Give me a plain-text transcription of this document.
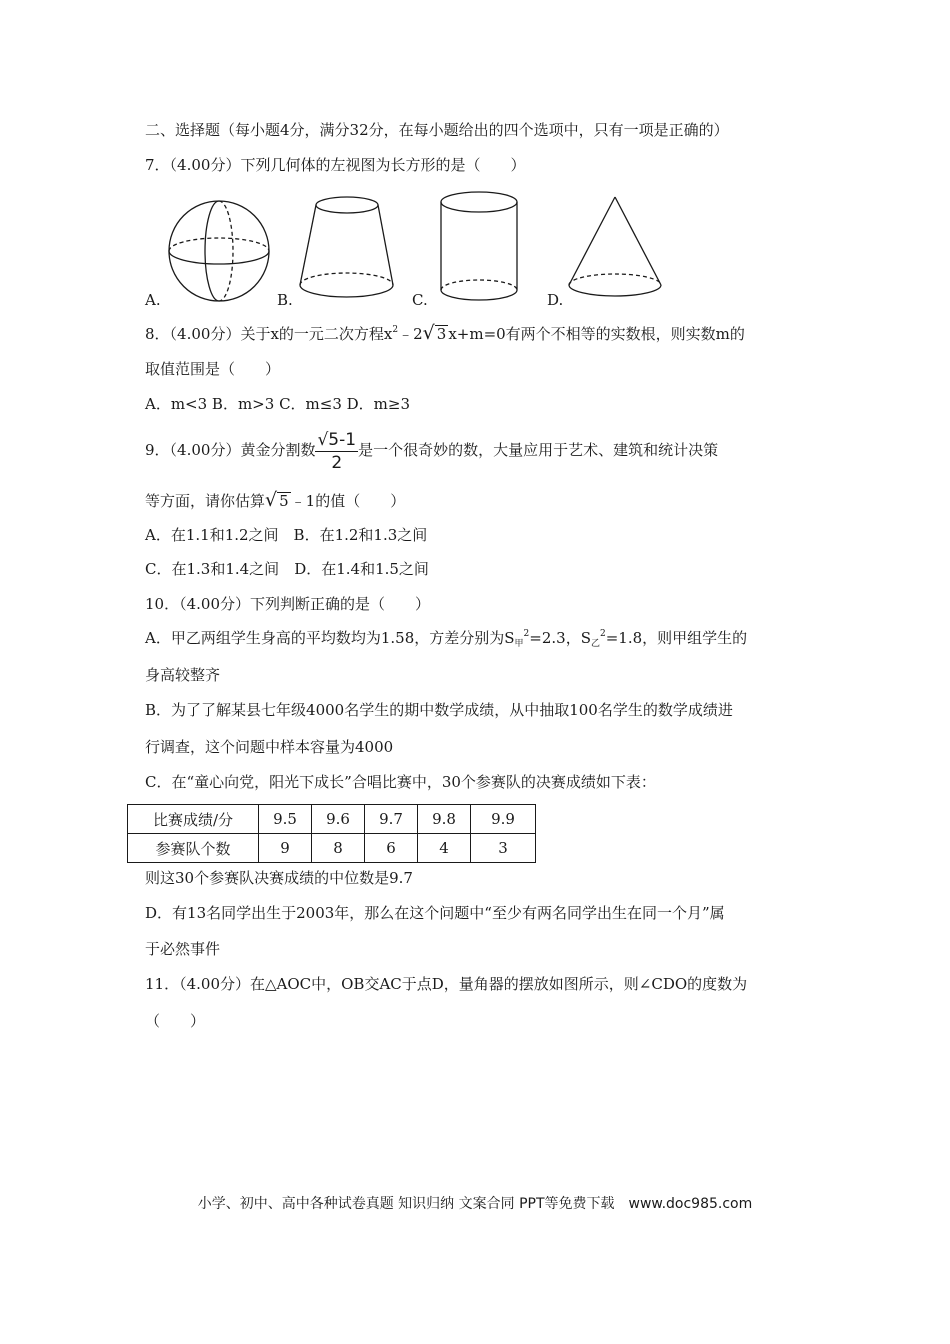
二、选择题（每小题4分，满分32分，在每小题给出的四个选项中，只有一项是正确的）
7．（4.00分）下列几何体的左视图为长方形的是（　　）
A.	B.	C.	D.
8．（4.00分）关于x的一元二次方程$x^2﹣2√$ 3 x+m=0有两个不相等的实数根，则实数m的
取值范围是（　　）
A．m<3 B．m>3 C．m≤3 D．m≥3
9．（4.00分）黄金分割数 $\frac{√5-1}{2}$ 是一个很奇妙的数，大量应用于艺术、建筑和统计决策
等方面，请你估算√ 5 ﹣1的值（　　）
A．在1.1和1.2之间　B．在1.2和1.3之间
C．在1.3和1.4之间　D．在1.4和1.5之间
10．（4.00分）下列判断正确的是（　　）
A．甲乙两组学生身高的平均数均为1.58，方差分别为$S_甲^2=2.3$，$S_乙^2=1.8$，则甲组学生的
身高较整齐
B．为了了解某县七年级4000名学生的期中数学成绩，从中抽取100名学生的数学成绩进
行调查，这个问题中样本容量为4000
C．在“童心向党，阳光下成长”合唱比赛中，30个参赛队的决赛成绩如下表：
比赛成绩/分	9.5	9.6	9.7	9.8	9.9
参赛队个数	9	8	6	4	3
则这30个参赛队决赛成绩的中位数是9.7
D．有13名同学出生于2003年，那么在这个问题中“至少有两名同学出生在同一个月”属
于必然事件
11．（4.00分）在△AOC中，OB交AC于点D，量角器的摆放如图所示，则∠CDO的度数为
（　　）
小学、初中、高中各种试卷真题 知识归纳 文案合同 PPT等免费下载　www.doc985.com
